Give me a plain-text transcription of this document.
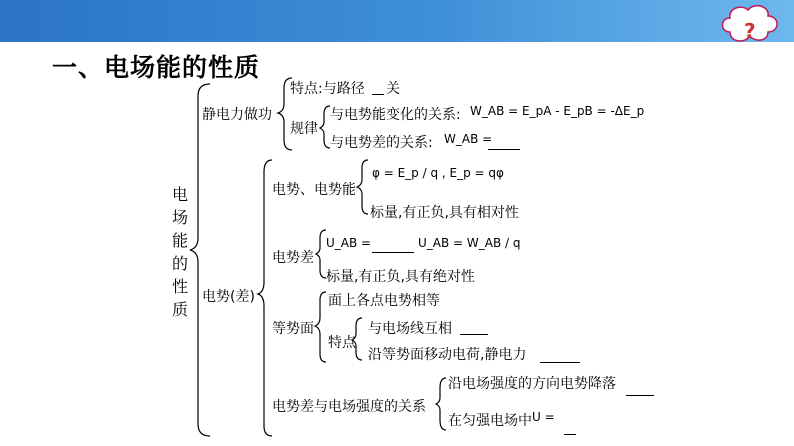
?
一、电场能的性质
电
场
能
的
性
质
静电力做功
特点:与路径 关
规律
与电势能变化的关系: W_AB = E_pA - E_pB = -ΔE_p
与电势差的关系: W_AB =
电势(差)
电势、电势能
φ = E_p / q , E_p = qφ
标量,有正负,具有相对性
电势差
U_AB =	U_AB = W_AB / q
标量,有正负,具有绝对性
等势面
面上各点电势相等
特点
与电场线互相
沿等势面移动电荷,静电力
电势差与电场强度的关系
沿电场强度的方向电势降落
在匀强电场中 U =
